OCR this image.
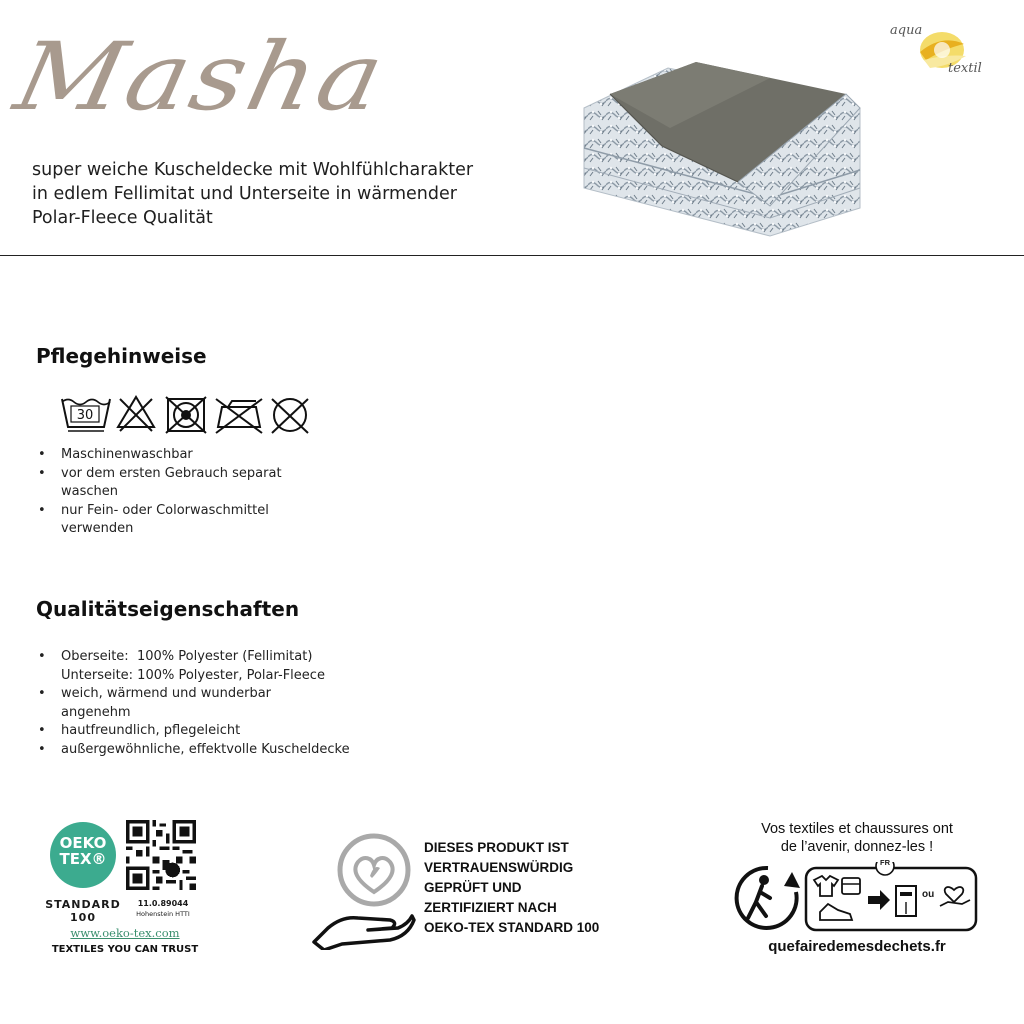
Masha
super weiche Kuscheldecke mit Wohlfühlcharakter
in edlem Fellimitat und Unterseite in wärmender
Polar-Fleece Qualität
aqua
textil
Pflegehinweise
30
• Maschinenwaschbar
• vor dem ersten Gebrauch separat waschen
• nur Fein- oder Colorwaschmittel verwenden
Qualitätseigenschaften
• Oberseite:  100% Polyester (Fellimitat) Unterseite: 100% Polyester, Polar-Fleece
• weich, wärmend und wunderbar angenehm
• hautfreundlich, pflegeleicht
• außergewöhnliche, effektvolle Kuscheldecke
OEKO
TEX®
STANDARD
100
11.0.89044
Hohenstein HTTI
www.oeko-tex.com
TEXTILES YOU CAN TRUST
DIESES PRODUKT IST
VERTRAUENSWÜRDIG
GEPRÜFT UND
ZERTIFIZIERT NACH
OEKO-TEX STANDARD 100
Vos textiles et chaussures ont
de l’avenir, donnez-les !
FR
ou
quefairedemesdechets.fr
